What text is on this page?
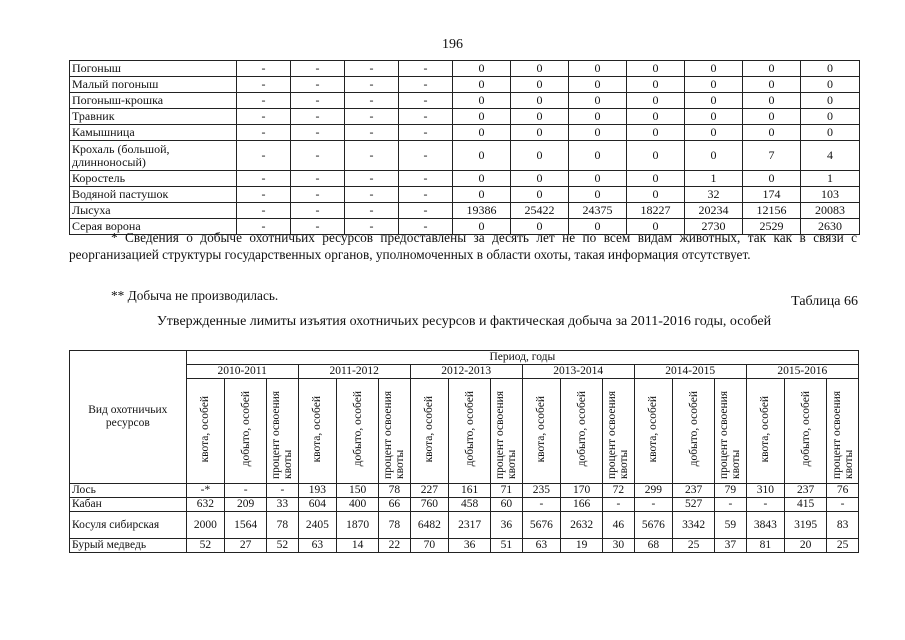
196
Погоныш	-	-	-	-	0	0	0	0	0	0	0
Малый погоныш	-	-	-	-	0	0	0	0	0	0	0
Погоныш-крошка	-	-	-	-	0	0	0	0	0	0	0
Травник	-	-	-	-	0	0	0	0	0	0	0
Камышница	-	-	-	-	0	0	0	0	0	0	0
Крохаль (большой, длинноносый)	-	-	-	-	0	0	0	0	0	7	4
Коростель	-	-	-	-	0	0	0	0	1	0	1
Водяной пастушок	-	-	-	-	0	0	0	0	32	174	103
Лысуха	-	-	-	-	19386	25422	24375	18227	20234	12156	20083
Серая ворона	-	-	-	-	0	0	0	0	2730	2529	2630

* Сведения о добыче охотничьих ресурсов предоставлены за десять лет не по всем видам животных, так как в связи с реорганизацией структуры государственных органов, уполномоченных в области охоты, такая информация отсутствует.

** Добыча не производилась.	Таблица 66
Утвержденные лимиты изъятия охотничьих ресурсов и фактическая добыча за 2011-2016 годы, особей
Вид охотничьих ресурсов	Период, годы																	
	2010-2011			2011-2012			2012-2013			2013-2014			2014-2015			2015-2016		
	квота, особей	добыто, особей	процент освоения квоты	квота, особей	добыто, особей	процент освоения квоты	квота, особей	добыто, особей	процент освоения квоты	квота, особей	добыто, особей	процент освоения квоты	квота, особей	добыто, особей	процент освоения квоты	квота, особей	добыто, особей	процент освоения квоты
Лось	-*	-	-	193	150	78	227	161	71	235	170	72	299	237	79	310	237	76
Кабан	632	209	33	604	400	66	760	458	60	-	166	-	-	527	-	-	415	-
Косуля сибирская	2000	1564	78	2405	1870	78	6482	2317	36	5676	2632	46	5676	3342	59	3843	3195	83
Бурый медведь	52	27	52	63	14	22	70	36	51	63	19	30	68	25	37	81	20	25
